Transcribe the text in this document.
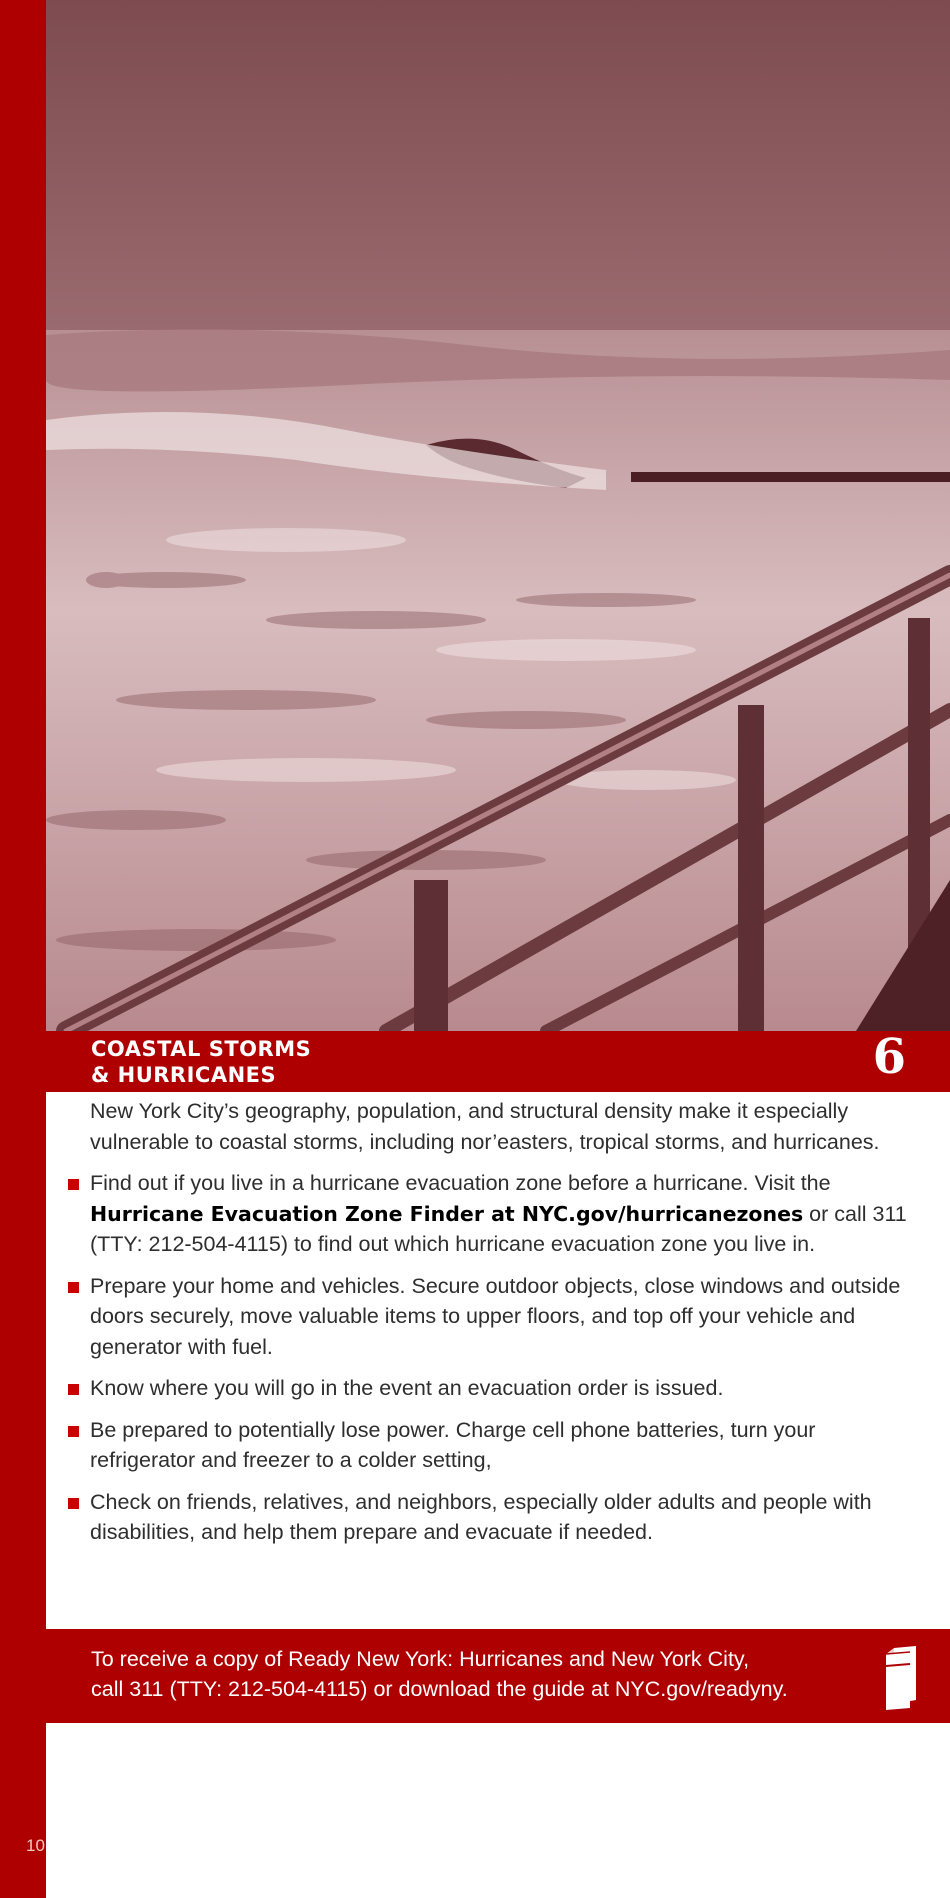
10
COASTAL STORMS
& HURRICANES	6

New York City’s geography, population, and structural density make it especially vulnerable to coastal storms, including nor’easters, tropical storms, and hurricanes.

Find out if you live in a hurricane evacuation zone before a hurricane. Visit the Hurricane Evacuation Zone Finder at NYC.gov/hurricanezones or call 311 (TTY: 212-504-4115) to find out which hurricane evacuation zone you live in.
Prepare your home and vehicles. Secure outdoor objects, close windows and outside doors securely, move valuable items to upper floors, and top off your vehicle and generator with fuel.
Know where you will go in the event an evacuation order is issued.
Be prepared to potentially lose power. Charge cell phone batteries, turn your refrigerator and freezer to a colder setting,
Check on friends, relatives, and neighbors, especially older adults and people with disabilities, and help them prepare and evacuate if needed.
To receive a copy of Ready New York: Hurricanes and New York City,
call 311 (TTY: 212-504-4115) or download the guide at NYC.gov/readyny.
